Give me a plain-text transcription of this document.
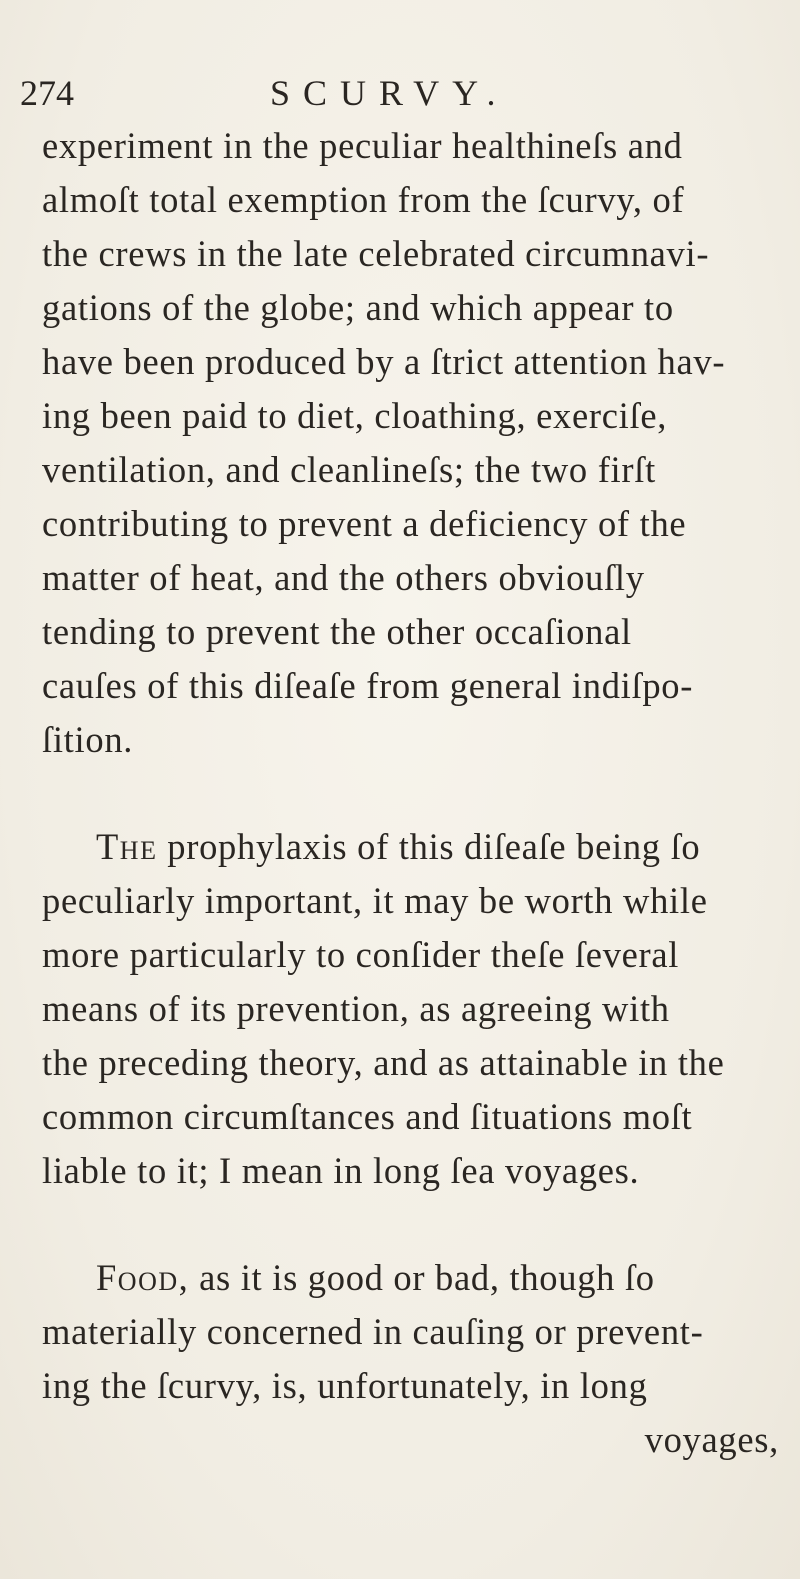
274	SCURVY.
experiment in the peculiar healthineſs and
almoſt total exemption from the ſcurvy, of
the crews in the late celebrated circumnavi-
gations of the globe; and which appear to
have been produced by a ſtrict attention hav-
ing been paid to diet, cloathing, exerciſe,
ventilation, and cleanlineſs; the two firſt
contributing to prevent a deficiency of the
matter of heat, and the others obviouſly
tending to prevent the other occaſional
cauſes of this diſeaſe from general indiſpo-
ſition.
The prophylaxis of this diſeaſe being ſo
peculiarly important, it may be worth while
more particularly to conſider theſe ſeveral
means of its prevention, as agreeing with
the preceding theory, and as attainable in the
common circumſtances and ſituations moſt
liable to it; I mean in long ſea voyages.
Food, as it is good or bad, though ſo
materially concerned in cauſing or prevent-
ing the ſcurvy, is, unfortunately, in long
voyages,
